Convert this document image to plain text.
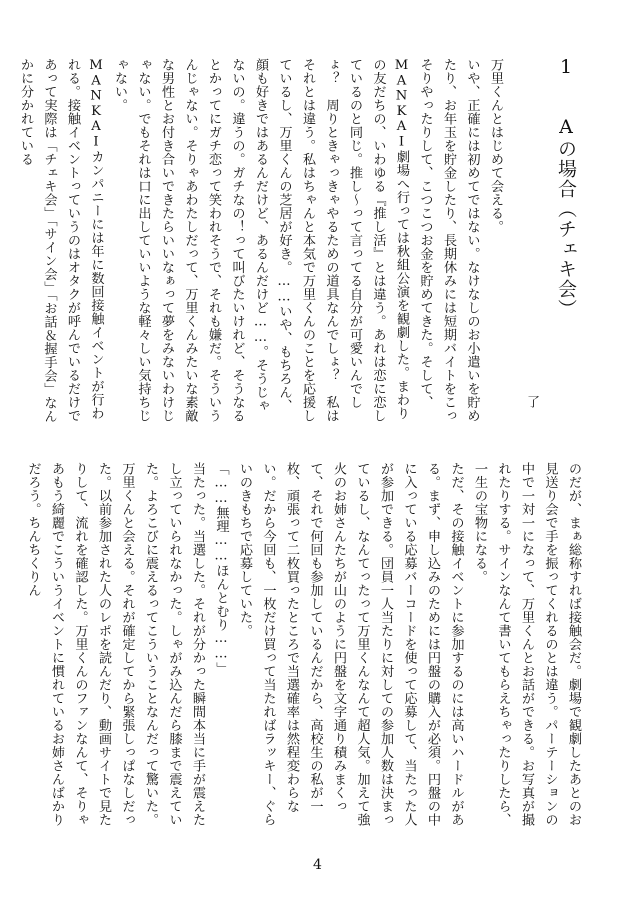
1 Aの場合（チェキ会）
了

万里くんとはじめて会える。

いや、正確には初めてではない。なけなしのお小遣いを貯めたり、お年玉を貯金したり、長期休みには短期バイトをこっそりやったりして、こつこつお金を貯めてきた。そして、MANKAI劇場へ行っては秋組公演を観劇した。まわりの友だちの、いわゆる『推し活』とは違う。あれは恋に恋しているのと同じ。推し〜って言ってる自分が可愛いんでしょ？　周りときゃっきゃやるための道具なんでしょ？　私はそれとは違う。私はちゃんと本気で万里くんのことを応援しているし、万里くんの芝居が好き。……いや、もちろん、顔も好きではあるんだけど、あるんだけど……。そうじゃないの。違うの。ガチなの！って叫びたいけれど、そうなるとかってにガチ恋って笑われそうで、それも嫌だ。そういうんじゃない。そりゃあわたしだって、万里くんみたいな素敵な男性とお付き合いできたらいいなぁって夢をみないわけじゃない。でもそれは口に出していいような軽々しい気持ちじゃない。

MANKAIカンパニーには年に数回接触イベントが行われる。接触イベントっていうのはオタクが呼んでいるだけであって実際は「チェキ会」「サイン会」「お話＆握手会」なんかに分かれている

のだが、まぁ総称すれば接触会だ。劇場で観劇したあとのお見送り会で手を振ってくれるのとは違う。パーテーションの中で一対一になって、万里くんとお話ができる。お写真が撮れたりする。サインなんて書いてもらえちゃったりしたら、一生の宝物になる。

ただ、その接触イベントに参加するのには高いハードルがある。まず、申し込みのためには円盤の購入が必須。円盤の中に入っている応募バーコードを使って応募して、当たった人が参加できる。団員一人当たりに対しての参加人数は決まっているし、なんてったって万里くんなんて超人気。加えて強火のお姉さんたちが山のように円盤を文字通り積みまくって、それで何回も参加しているんだから、高校生の私が一枚、頑張って二枚買ったところで当選確率は然程変わらない。だから今回も、一枚だけ買って当たればラッキー、ぐらいのきもちで応募していた。

「……無理……ほんとむり……」

当たった。当選した。それが分かった瞬間本当に手が震えたし立っていられなかった。しゃがみ込んだら膝まで震えていた。よろこびに震えるってこういうことなんだって驚いた。

万里くんと会える。それが確定してから緊張しっぱなしだった。以前参加された人のレポを読んだり、動画サイトで見たりして、流れを確認した。万里くんのファンなんて、そりゃあもう綺麗でこういうイベントに慣れているお姉さんばかりだろう。ちんちくりん

4
